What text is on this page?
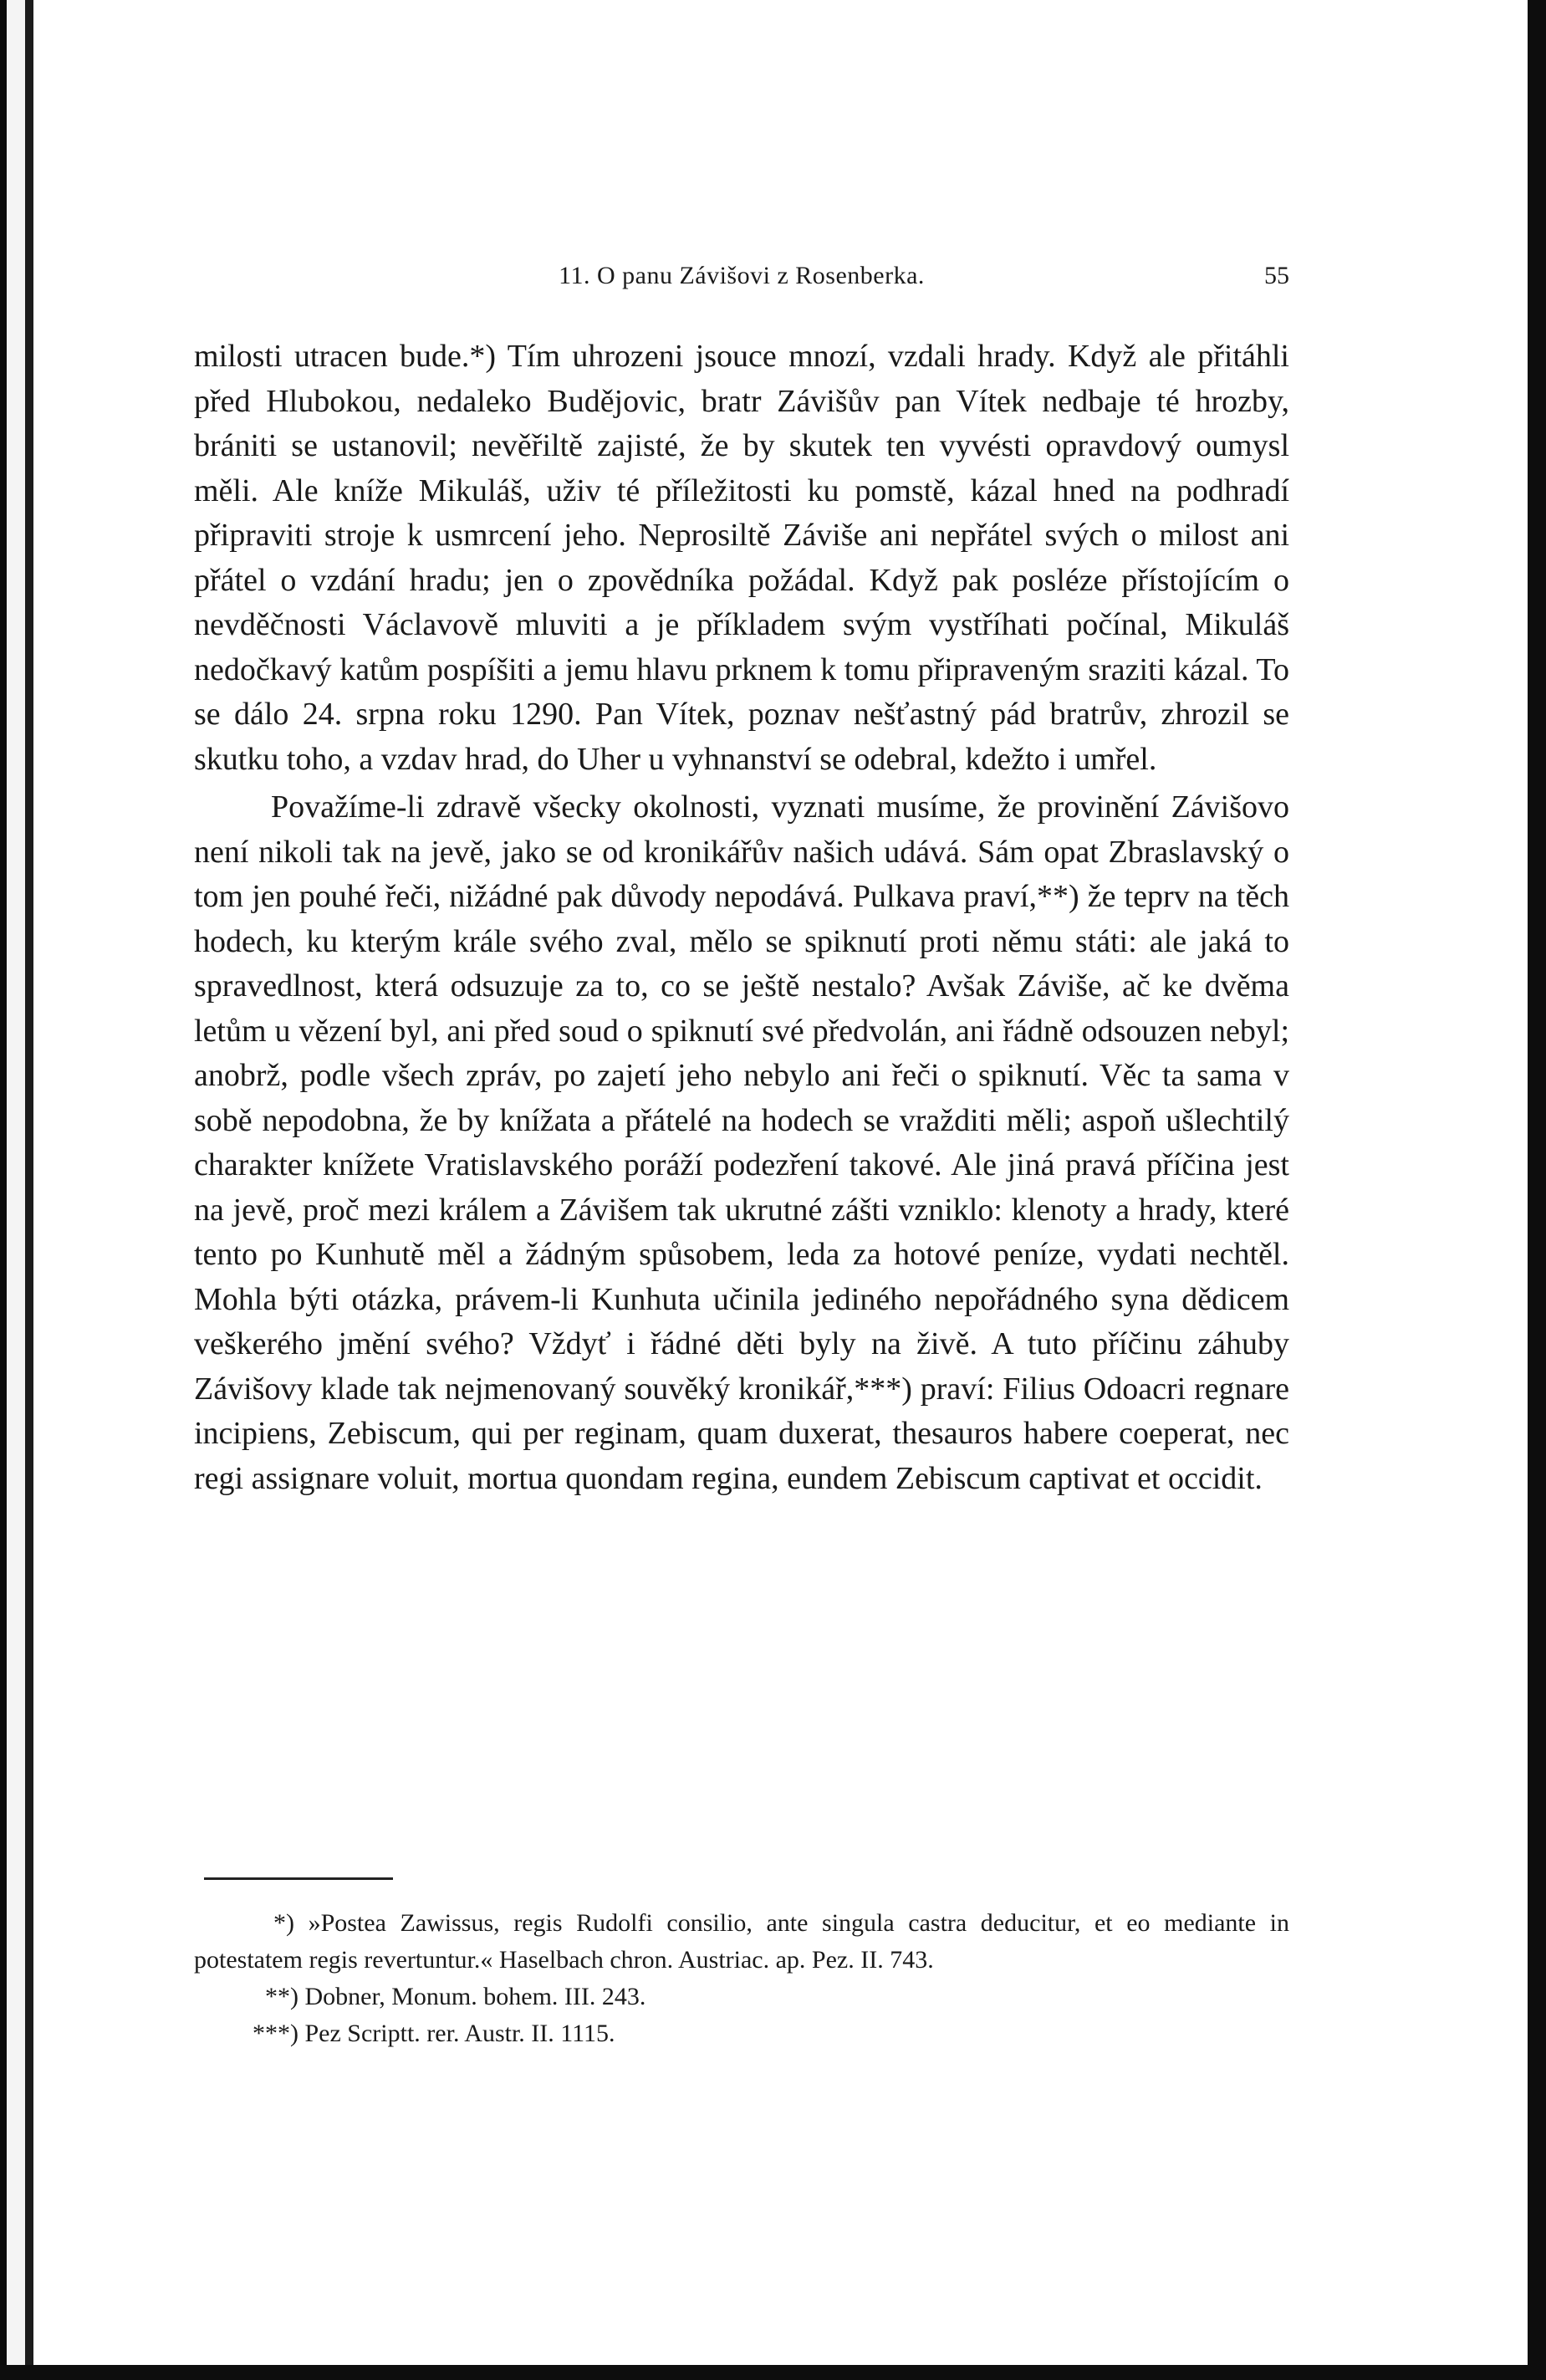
11. O panu Závišovi z Rosenberka.	55

milosti utracen bude.*) Tím uhrozeni jsouce mnozí, vzdali hrady. Když ale přitáhli před Hlubokou, nedaleko Budějovic, bratr Závišův pan Vítek nedbaje té hrozby, brániti se ustanovil; nevěřiltě zajisté, že by skutek ten vyvésti opravdový oumysl měli. Ale kníže Mikuláš, uživ té příležitosti ku pomstě, kázal hned na podhradí připraviti stroje k usmrcení jeho. Neprosiltě Záviše ani nepřátel svých o milost ani přátel o vzdání hradu; jen o zpovědníka požádal. Když pak posléze přístojícím o nevděčnosti Václavově mluviti a je příkladem svým vystříhati počínal, Mikuláš nedočkavý katům pospíšiti a jemu hlavu prknem k tomu připraveným sraziti kázal. To se dálo 24. srpna roku 1290. Pan Vítek, poznav nešťastný pád bratrův, zhrozil se skutku toho, a vzdav hrad, do Uher u vyhnanství se odebral, kdežto i umřel.

Považíme-li zdravě všecky okolnosti, vyznati musíme, že provinění Závišovo není nikoli tak na jevě, jako se od kronikářův našich udává. Sám opat Zbraslavský o tom jen pouhé řeči, nižádné pak důvody nepodává. Pulkava praví,**) že teprv na těch hodech, ku kterým krále svého zval, mělo se spiknutí proti němu státi: ale jaká to spravedlnost, která odsuzuje za to, co se ještě nestalo? Avšak Záviše, ač ke dvěma letům u vězení byl, ani před soud o spiknutí své předvolán, ani řádně odsouzen nebyl; anobrž, podle všech zpráv, po zajetí jeho nebylo ani řeči o spiknutí. Věc ta sama v sobě nepodobna, že by knížata a přátelé na hodech se vražditi měli; aspoň ušlechtilý charakter knížete Vratislavského poráží podezření takové. Ale jiná pravá příčina jest na jevě, proč mezi králem a Závišem tak ukrutné zášti vzniklo: klenoty a hrady, které tento po Kunhutě měl a žádným spůsobem, leda za hotové peníze, vydati nechtěl. Mohla býti otázka, právem-li Kunhuta učinila jediného nepořádného syna dědicem veškerého jmění svého? Vždyť i řádné děti byly na živě. A tuto příčinu záhuby Závišovy klade tak nejmenovaný souvěký kronikář,***) praví: Filius Odoacri regnare incipiens, Zebiscum, qui per reginam, quam duxerat, thesauros habere coeperat, nec regi assignare voluit, mortua quondam regina, eundem Zebiscum captivat et occidit.

*) »Postea Zawissus, regis Rudolfi consilio, ante singula castra deducitur, et eo mediante in potestatem regis revertuntur.« Haselbach chron. Austriac. ap. Pez. II. 743.

**) Dobner, Monum. bohem. III. 243.

***) Pez Scriptt. rer. Austr. II. 1115.
